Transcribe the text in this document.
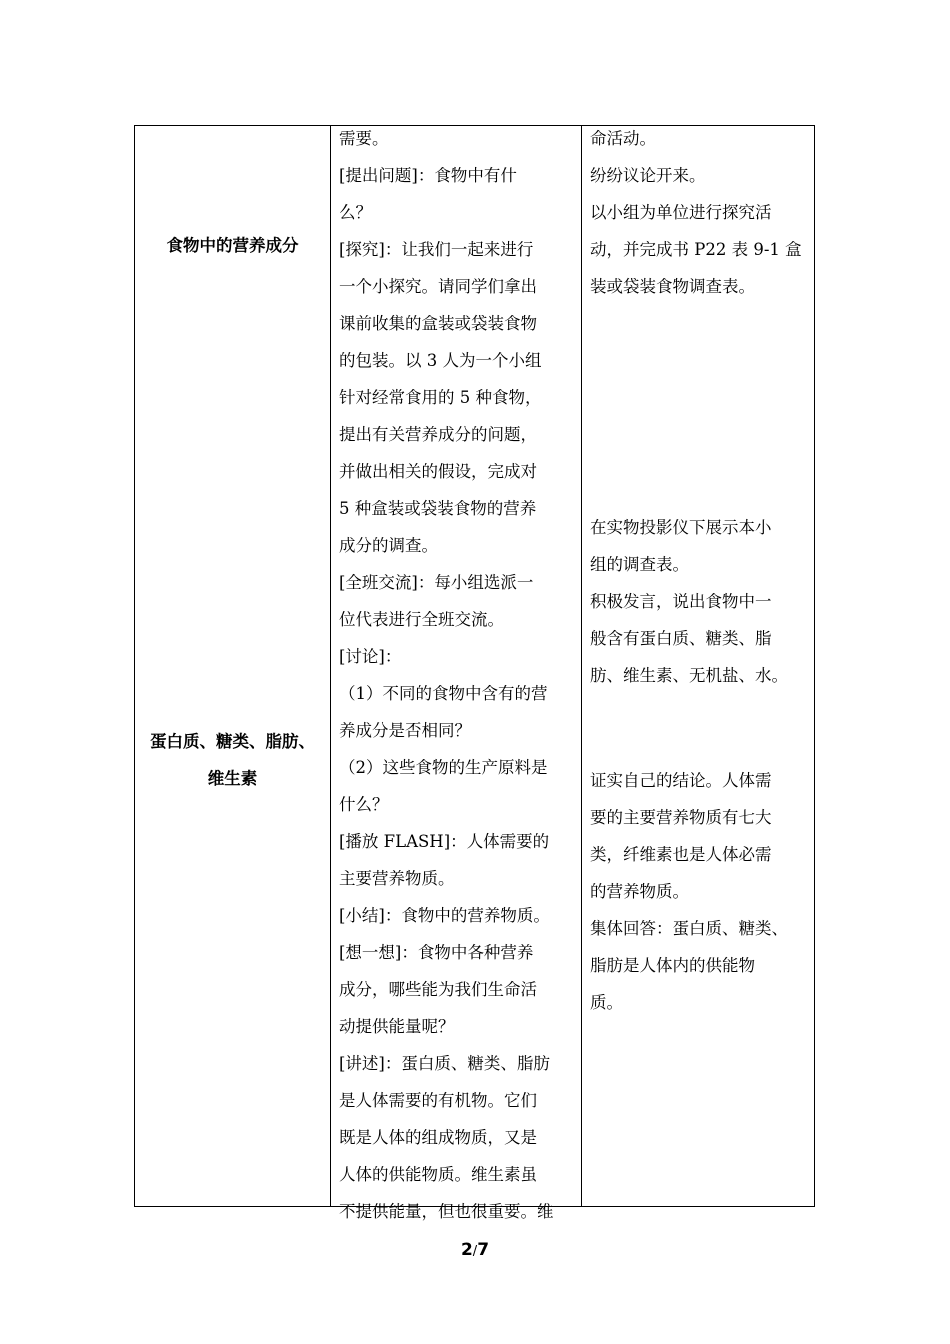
食物中的营养成分
蛋白质、糖类、脂肪、
维生素
需要。
[提出问题]：食物中有什
么？
[探究]：让我们一起来进行
一个小探究。请同学们拿出
课前收集的盒装或袋装食物
的包装。以 3 人为一个小组
针对经常食用的 5 种食物，
提出有关营养成分的问题，
并做出相关的假设，完成对
5 种盒装或袋装食物的营养
成分的调查。
[全班交流]：每小组选派一
位代表进行全班交流。
[讨论]：
（1）不同的食物中含有的营
养成分是否相同？
（2）这些食物的生产原料是
什么？
[播放 FLASH]：人体需要的
主要营养物质。
[小结]：食物中的营养物质。
[想一想]：食物中各种营养
成分，哪些能为我们生命活
动提供能量呢？
[讲述]：蛋白质、糖类、脂肪
是人体需要的有机物。它们
既是人体的组成物质，又是
人体的供能物质。维生素虽
不提供能量，但也很重要。维
命活动。
纷纷议论开来。
以小组为单位进行探究活
动，并完成书 P22 表 9-1 盒
装或袋装食物调查表。
在实物投影仪下展示本小
组的调查表。
积极发言，说出食物中一
般含有蛋白质、糖类、脂
肪、维生素、无机盐、水。
证实自己的结论。人体需
要的主要营养物质有七大
类，纤维素也是人体必需
的营养物质。
集体回答：蛋白质、糖类、
脂肪是人体内的供能物
质。
2/7
